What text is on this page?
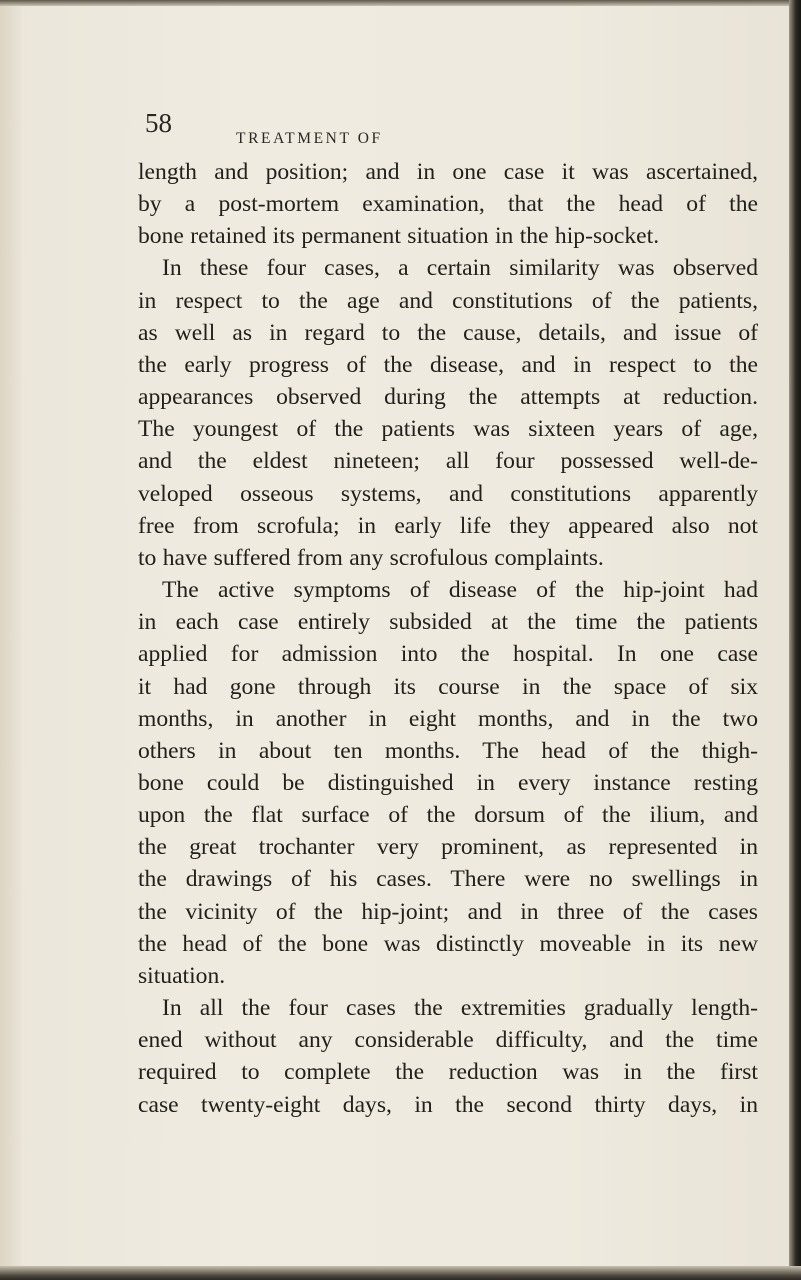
58
TREATMENT OF
length and position; and in one case it was ascertained,
by a post-mortem examination, that the head of the
bone retained its permanent situation in the hip-socket.
In these four cases, a certain similarity was observed
in respect to the age and constitutions of the patients,
as well as in regard to the cause, details, and issue of
the early progress of the disease, and in respect to the
appearances observed during the attempts at reduction.
The youngest of the patients was sixteen years of age,
and the eldest nineteen; all four possessed well-de-
veloped osseous systems, and constitutions apparently
free from scrofula; in early life they appeared also not
to have suffered from any scrofulous complaints.
The active symptoms of disease of the hip-joint had
in each case entirely subsided at the time the patients
applied for admission into the hospital. In one case
it had gone through its course in the space of six
months, in another in eight months, and in the two
others in about ten months. The head of the thigh-
bone could be distinguished in every instance resting
upon the flat surface of the dorsum of the ilium, and
the great trochanter very prominent, as represented in
the drawings of his cases. There were no swellings in
the vicinity of the hip-joint; and in three of the cases
the head of the bone was distinctly moveable in its new
situation.
In all the four cases the extremities gradually length-
ened without any considerable difficulty, and the time
required to complete the reduction was in the first
case twenty-eight days, in the second thirty days, in
